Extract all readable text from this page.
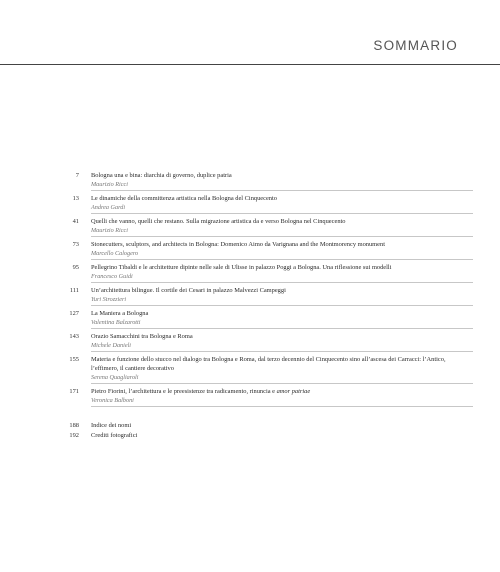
SOMMARIO
7 Bologna una e bina: diarchia di governo, duplice patria
Maurizio Ricci
13 Le dinamiche della committenza artistica nella Bologna del Cinquecento
Andrea Gardi
41 Quelli che vanno, quelli che restano. Sulla migrazione artistica da e verso Bologna nel Cinquecento
Maurizio Ricci
73 Stonecutters, sculptors, and architects in Bologna: Domenico Aimo da Varignana and the Montmorency monument
Marcello Calogero
95 Pellegrino Tibaldi e le architetture dipinte nelle sale di Ulisse in palazzo Poggi a Bologna. Una riflessione sui modelli
Francesco Guidi
111 Un’architettura bilingue. Il cortile dei Cesari in palazzo Malvezzi Campeggi
Yuri Strozzieri
127 La Maniera a Bologna
Valentina Balzarotti
143 Orazio Samacchini tra Bologna e Roma
Michele Danieli
155 Materia e funzione dello stucco nel dialogo tra Bologna e Roma, dal terzo decennio del Cinquecento sino all’ascesa dei Carracci: l’Antico, l’effimero, il cantiere decorativo
Serena Quagliaroli
171 Pietro Fiorini, l’architettura e le preesistenze tra radicamento, rinuncia e amor patriae
Veronica Balboni
188 Indice dei nomi
192 Crediti fotografici
